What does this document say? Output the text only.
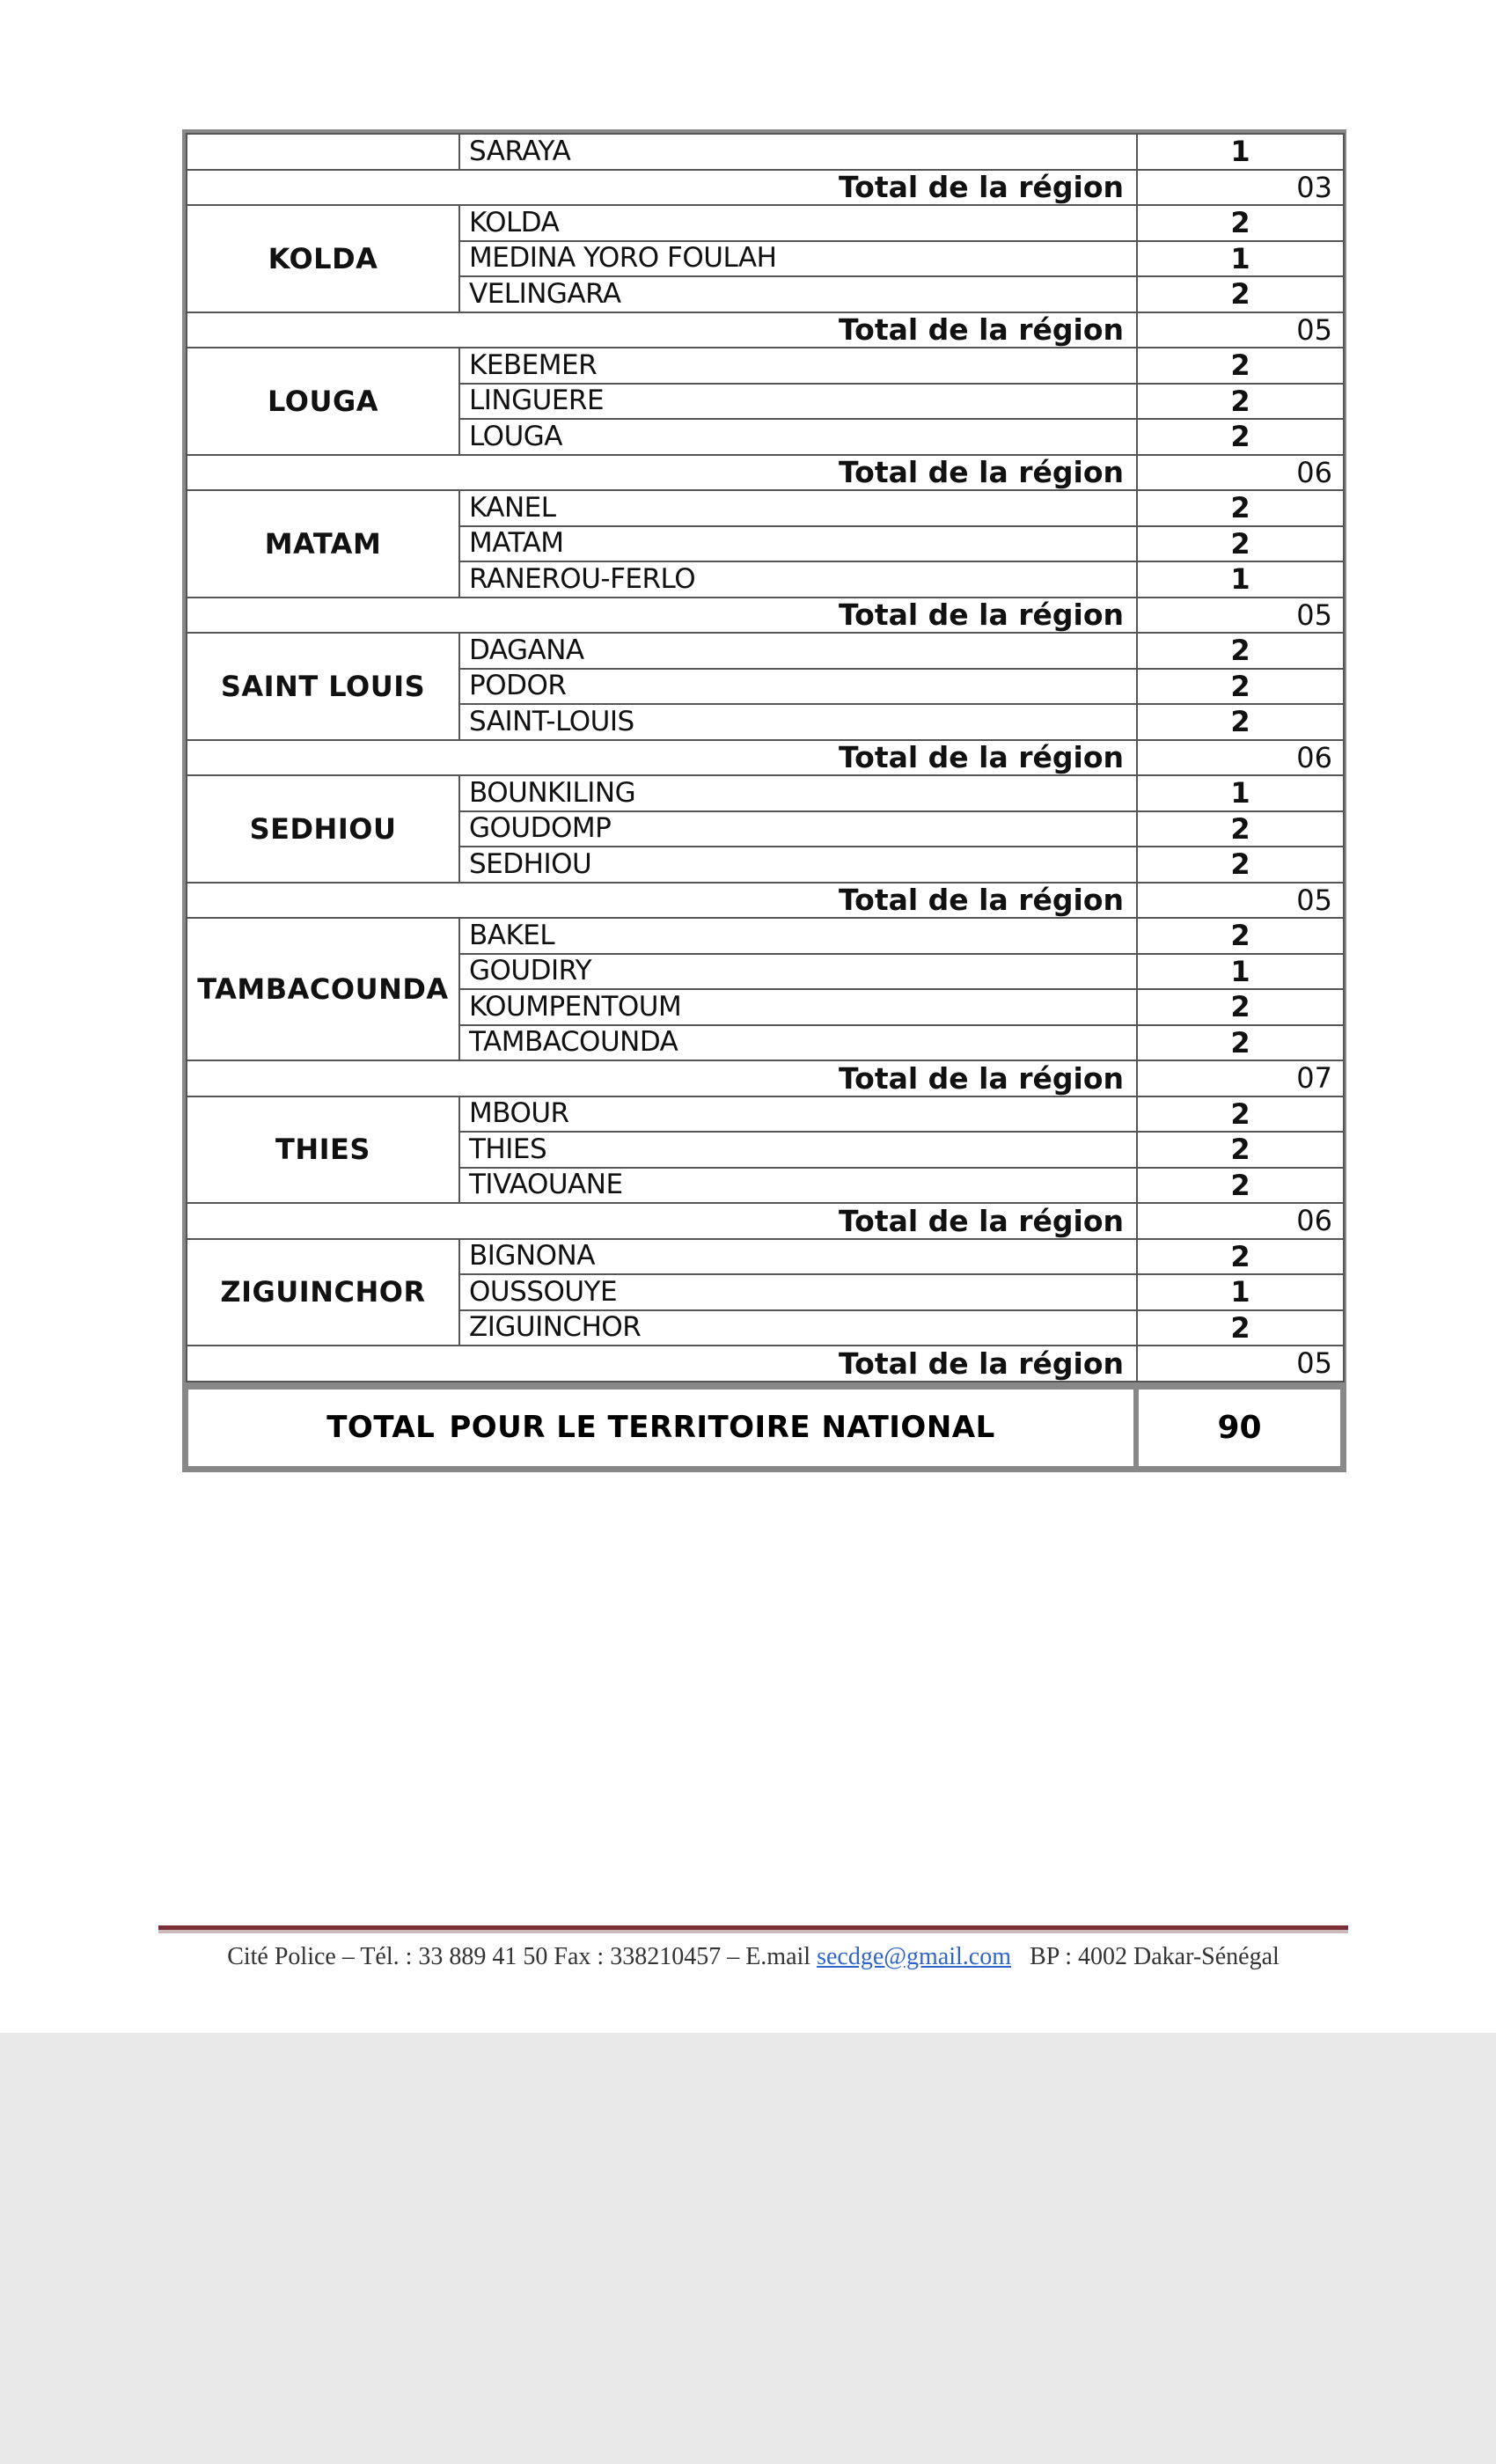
	SARAYA	1
Total de la région		03
KOLDA	KOLDA	2
	MEDINA YORO FOULAH	1
	VELINGARA	2
Total de la région		05
LOUGA	KEBEMER	2
	LINGUERE	2
	LOUGA	2
Total de la région		06
MATAM	KANEL	2
	MATAM	2
	RANEROU-FERLO	1
Total de la région		05
SAINT LOUIS	DAGANA	2
	PODOR	2
	SAINT-LOUIS	2
Total de la région		06
SEDHIOU	BOUNKILING	1
	GOUDOMP	2
	SEDHIOU	2
Total de la région		05
TAMBACOUNDA	BAKEL	2
	GOUDIRY	1
	KOUMPENTOUM	2
	TAMBACOUNDA	2
Total de la région		07
THIES	MBOUR	2
	THIES	2
	TIVAOUANE	2
Total de la région		06
ZIGUINCHOR	BIGNONA	2
	OUSSOUYE	1
	ZIGUINCHOR	2
Total de la région		05
TOTAL POUR LE TERRITOIRE NATIONAL	90
Cité Police – Tél. : 33 889 41 50 Fax : 338210457 – E.mail secdge@gmail.com   BP : 4002 Dakar-Sénégal
